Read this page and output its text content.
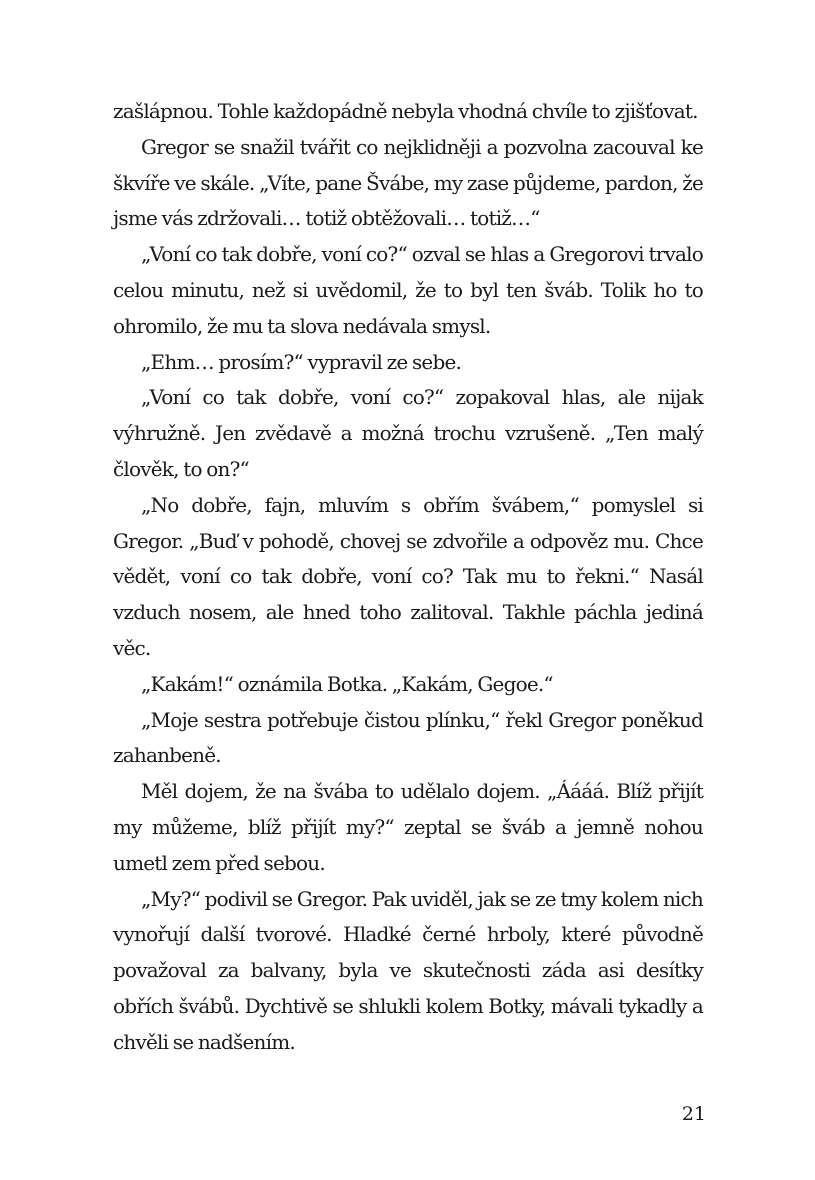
zašlápnou. Tohle každopádně nebyla vhodná chvíle to zjišťovat.

Gregor se snažil tvářit co nejklidněji a pozvolna zacouval ke škvíře ve skále. „Víte, pane Švábe, my zase půjdeme, pardon, že jsme vás zdržovali… totiž obtěžovali… totiž…“

„Voní co tak dobře, voní co?“ ozval se hlas a Gregorovi trvalo celou minutu, než si uvědomil, že to byl ten šváb. Tolik ho to ohromilo, že mu ta slova nedávala smysl.

„Ehm… prosím?“ vypravil ze sebe.

„Voní co tak dobře, voní co?“ zopakoval hlas, ale nijak výhružně. Jen zvědavě a možná trochu vzrušeně. „Ten malý člověk, to on?“

„No dobře, fajn, mluvím s obřím švábem,“ pomyslel si Gregor. „Buď v pohodě, chovej se zdvořile a odpověz mu. Chce vědět, voní co tak dobře, voní co? Tak mu to řekni.“ Nasál vzduch nosem, ale hned toho zalitoval. Takhle páchla jediná věc.

„Kakám!“ oznámila Botka. „Kakám, Gegoe.“

„Moje sestra potřebuje čistou plínku,“ řekl Gregor poněkud zahanbeně.

Měl dojem, že na švába to udělalo dojem. „Áááá. Blíž přijít my můžeme, blíž přijít my?“ zeptal se šváb a jemně nohou umetl zem před sebou.

„My?“ podivil se Gregor. Pak uviděl, jak se ze tmy kolem nich vynořují další tvorové. Hladké černé hrboly, které původně považoval za balvany, byla ve skutečnosti záda asi desítky obřích švábů. Dychtivě se shlukli kolem Botky, mávali tykadly a chvěli se nadšením.

21
